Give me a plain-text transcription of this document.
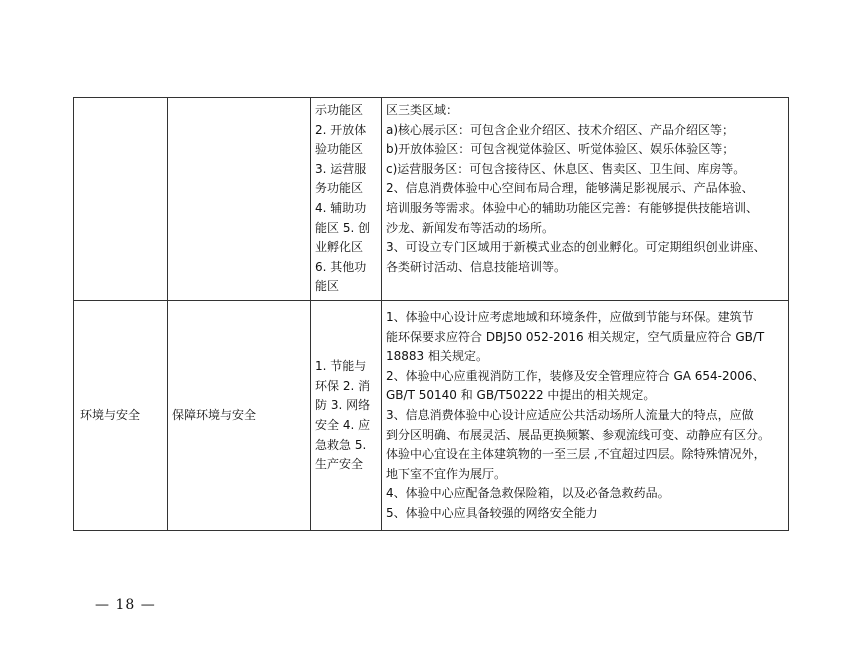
示功能区
2. 开放体
验功能区
3. 运营服
务功能区
4. 辅助功
能区 5. 创
业孵化区
6. 其他功
能区
区三类区域：
a)核心展示区：可包含企业介绍区、技术介绍区、产品介绍区等；
b)开放体验区：可包含视觉体验区、听觉体验区、娱乐体验区等；
c)运营服务区：可包含接待区、休息区、售卖区、卫生间、库房等。
2、信息消费体验中心空间布局合理，能够满足影视展示、产品体验、
培训服务等需求。体验中心的辅助功能区完善：有能够提供技能培训、
沙龙、新闻发布等活动的场所。
3、可设立专门区域用于新模式业态的创业孵化。可定期组织创业讲座、
各类研讨活动、信息技能培训等。
环境与安全	保障环境与安全
1. 节能与
环保 2. 消
防 3. 网络
安全 4. 应
急救急 5.
生产安全
1、体验中心设计应考虑地域和环境条件，应做到节能与环保。建筑节
能环保要求应符合 DBJ50 052-2016 相关规定，空气质量应符合 GB/T
18883 相关规定。
2、体验中心应重视消防工作，装修及安全管理应符合 GA 654-2006、
GB/T 50140 和 GB/T50222 中提出的相关规定。
3、信息消费体验中心设计应适应公共活动场所人流量大的特点，应做
到分区明确、布展灵活、展品更换频繁、参观流线可变、动静应有区分。
体验中心宜设在主体建筑物的一至三层 ,不宜超过四层。除特殊情况外，
地下室不宜作为展厅。
4、体验中心应配备急救保险箱，以及必备急救药品。
5、体验中心应具备较强的网络安全能力
— 18 —
